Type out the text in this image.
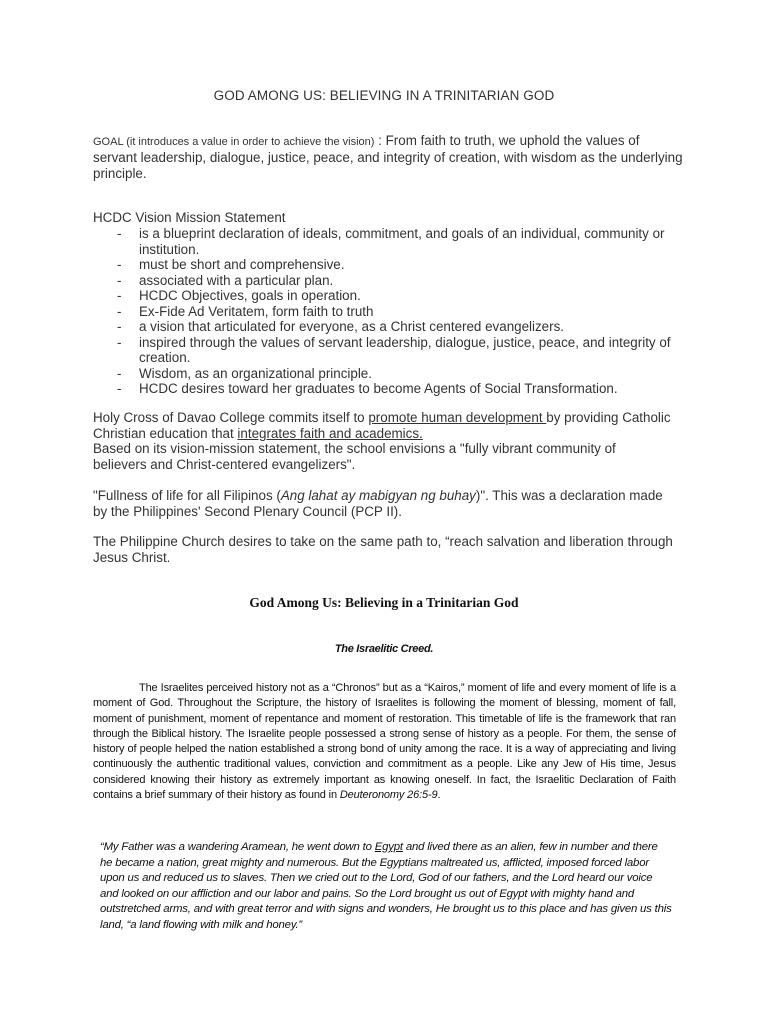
GOD AMONG US: BELIEVING IN A TRINITARIAN GOD
GOAL (it introduces a value in order to achieve the vision) : From faith to truth, we uphold the values of servant leadership, dialogue, justice, peace, and integrity of creation, with wisdom as the underlying principle.
HCDC Vision Mission Statement
- is a blueprint declaration of ideals, commitment, and goals of an individual, community or institution.
- must be short and comprehensive.
- associated with a particular plan.
- HCDC Objectives, goals in operation.
- Ex-Fide Ad Veritatem, form faith to truth
- a vision that articulated for everyone, as a Christ centered evangelizers.
- inspired through the values of servant leadership, dialogue, justice, peace, and integrity of creation.
- Wisdom, as an organizational principle.
- HCDC desires toward her graduates to become Agents of Social Transformation.
Holy Cross of Davao College commits itself to promote human development by providing Catholic Christian education that integrates faith and academics.
Based on its vision-mission statement, the school envisions a "fully vibrant community of believers and Christ-centered evangelizers".
"Fullness of life for all Filipinos (Ang lahat ay mabigyan ng buhay)". This was a declaration made by the Philippines' Second Plenary Council (PCP II).
The Philippine Church desires to take on the same path to, “reach salvation and liberation through Jesus Christ.
God Among Us: Believing in a Trinitarian God
The Israelitic Creed.
The Israelites perceived history not as a “Chronos” but as a “Kairos,” moment of life and every moment of life is a moment of God. Throughout the Scripture, the history of Israelites is following the moment of blessing, moment of fall, moment of punishment, moment of repentance and moment of restoration. This timetable of life is the framework that ran through the Biblical history. The Israelite people possessed a strong sense of history as a people. For them, the sense of history of people helped the nation established a strong bond of unity among the race. It is a way of appreciating and living continuously the authentic traditional values, conviction and commitment as a people. Like any Jew of His time, Jesus considered knowing their history as extremely important as knowing oneself. In fact, the Israelitic Declaration of Faith contains a brief summary of their history as found in Deuteronomy 26:5-9.
“My Father was a wandering Aramean, he went down to Egypt and lived there as an alien, few in number and there he became a nation, great mighty and numerous. But the Egyptians maltreated us, afflicted, imposed forced labor upon us and reduced us to slaves. Then we cried out to the Lord, God of our fathers, and the Lord heard our voice and looked on our affliction and our labor and pains. So the Lord brought us out of Egypt with mighty hand and outstretched arms, and with great terror and with signs and wonders, He brought us to this place and has given us this land, “a land flowing with milk and honey.”
